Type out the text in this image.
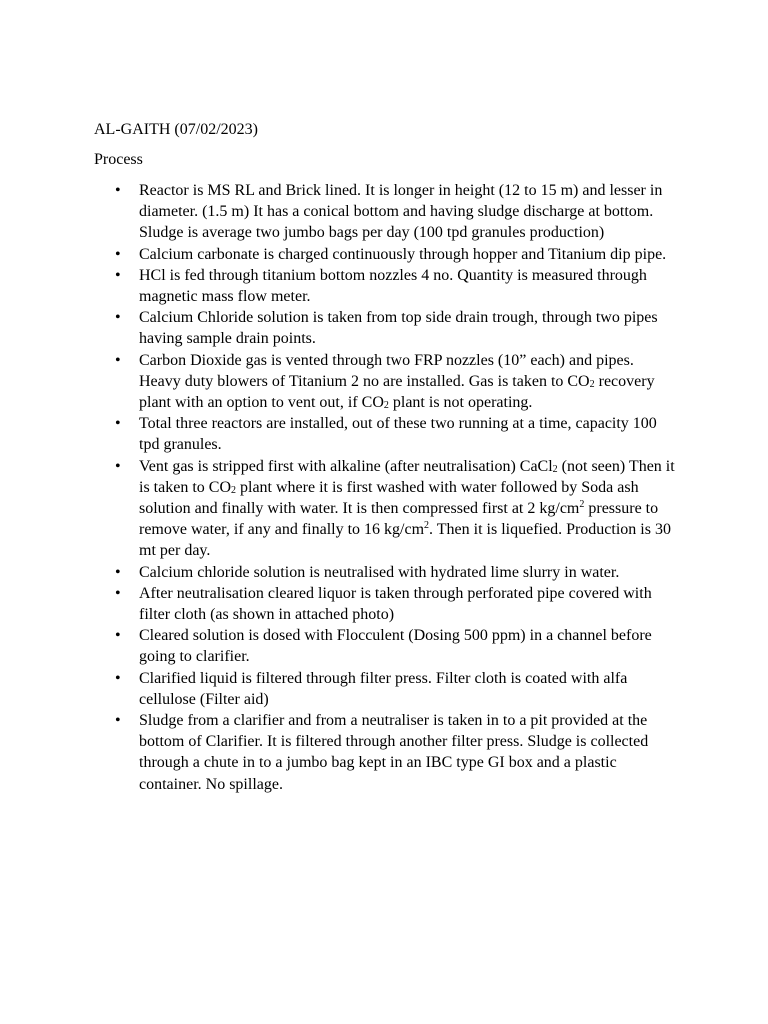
AL-GAITH (07/02/2023)

Process

• Reactor is MS RL and Brick lined. It is longer in height (12 to 15 m) and lesser in diameter. (1.5 m) It has a conical bottom and having sludge discharge at bottom. Sludge is average two jumbo bags per day (100 tpd granules production)
• Calcium carbonate is charged continuously through hopper and Titanium dip pipe.
• HCl is fed through titanium bottom nozzles 4 no. Quantity is measured through magnetic mass flow meter.
• Calcium Chloride solution is taken from top side drain trough, through two pipes having sample drain points.
• Carbon Dioxide gas is vented through two FRP nozzles (10” each) and pipes. Heavy duty blowers of Titanium 2 no are installed. Gas is taken to $CO_2$ recovery plant with an option to vent out, if $CO_2$ plant is not operating.
• Total three reactors are installed, out of these two running at a time, capacity 100 tpd granules.
• Vent gas is stripped first with alkaline (after neutralisation) CaCl$_2$ (not seen) Then it is taken to $CO_2$ plant where it is first washed with water followed by Soda ash solution and finally with water. It is then compressed first at 2 $kg/cm^2$ pressure to remove water, if any and finally to 16 $kg/cm^2$. Then it is liquefied. Production is 30 mt per day.
• Calcium chloride solution is neutralised with hydrated lime slurry in water.
• After neutralisation cleared liquor is taken through perforated pipe covered with filter cloth (as shown in attached photo)
• Cleared solution is dosed with Flocculent (Dosing 500 ppm) in a channel before going to clarifier.
• Clarified liquid is filtered through filter press. Filter cloth is coated with alfa cellulose (Filter aid)
• Sludge from a clarifier and from a neutraliser is taken in to a pit provided at the bottom of Clarifier. It is filtered through another filter press. Sludge is collected through a chute in to a jumbo bag kept in an IBC type GI box and a plastic container. No spillage.
